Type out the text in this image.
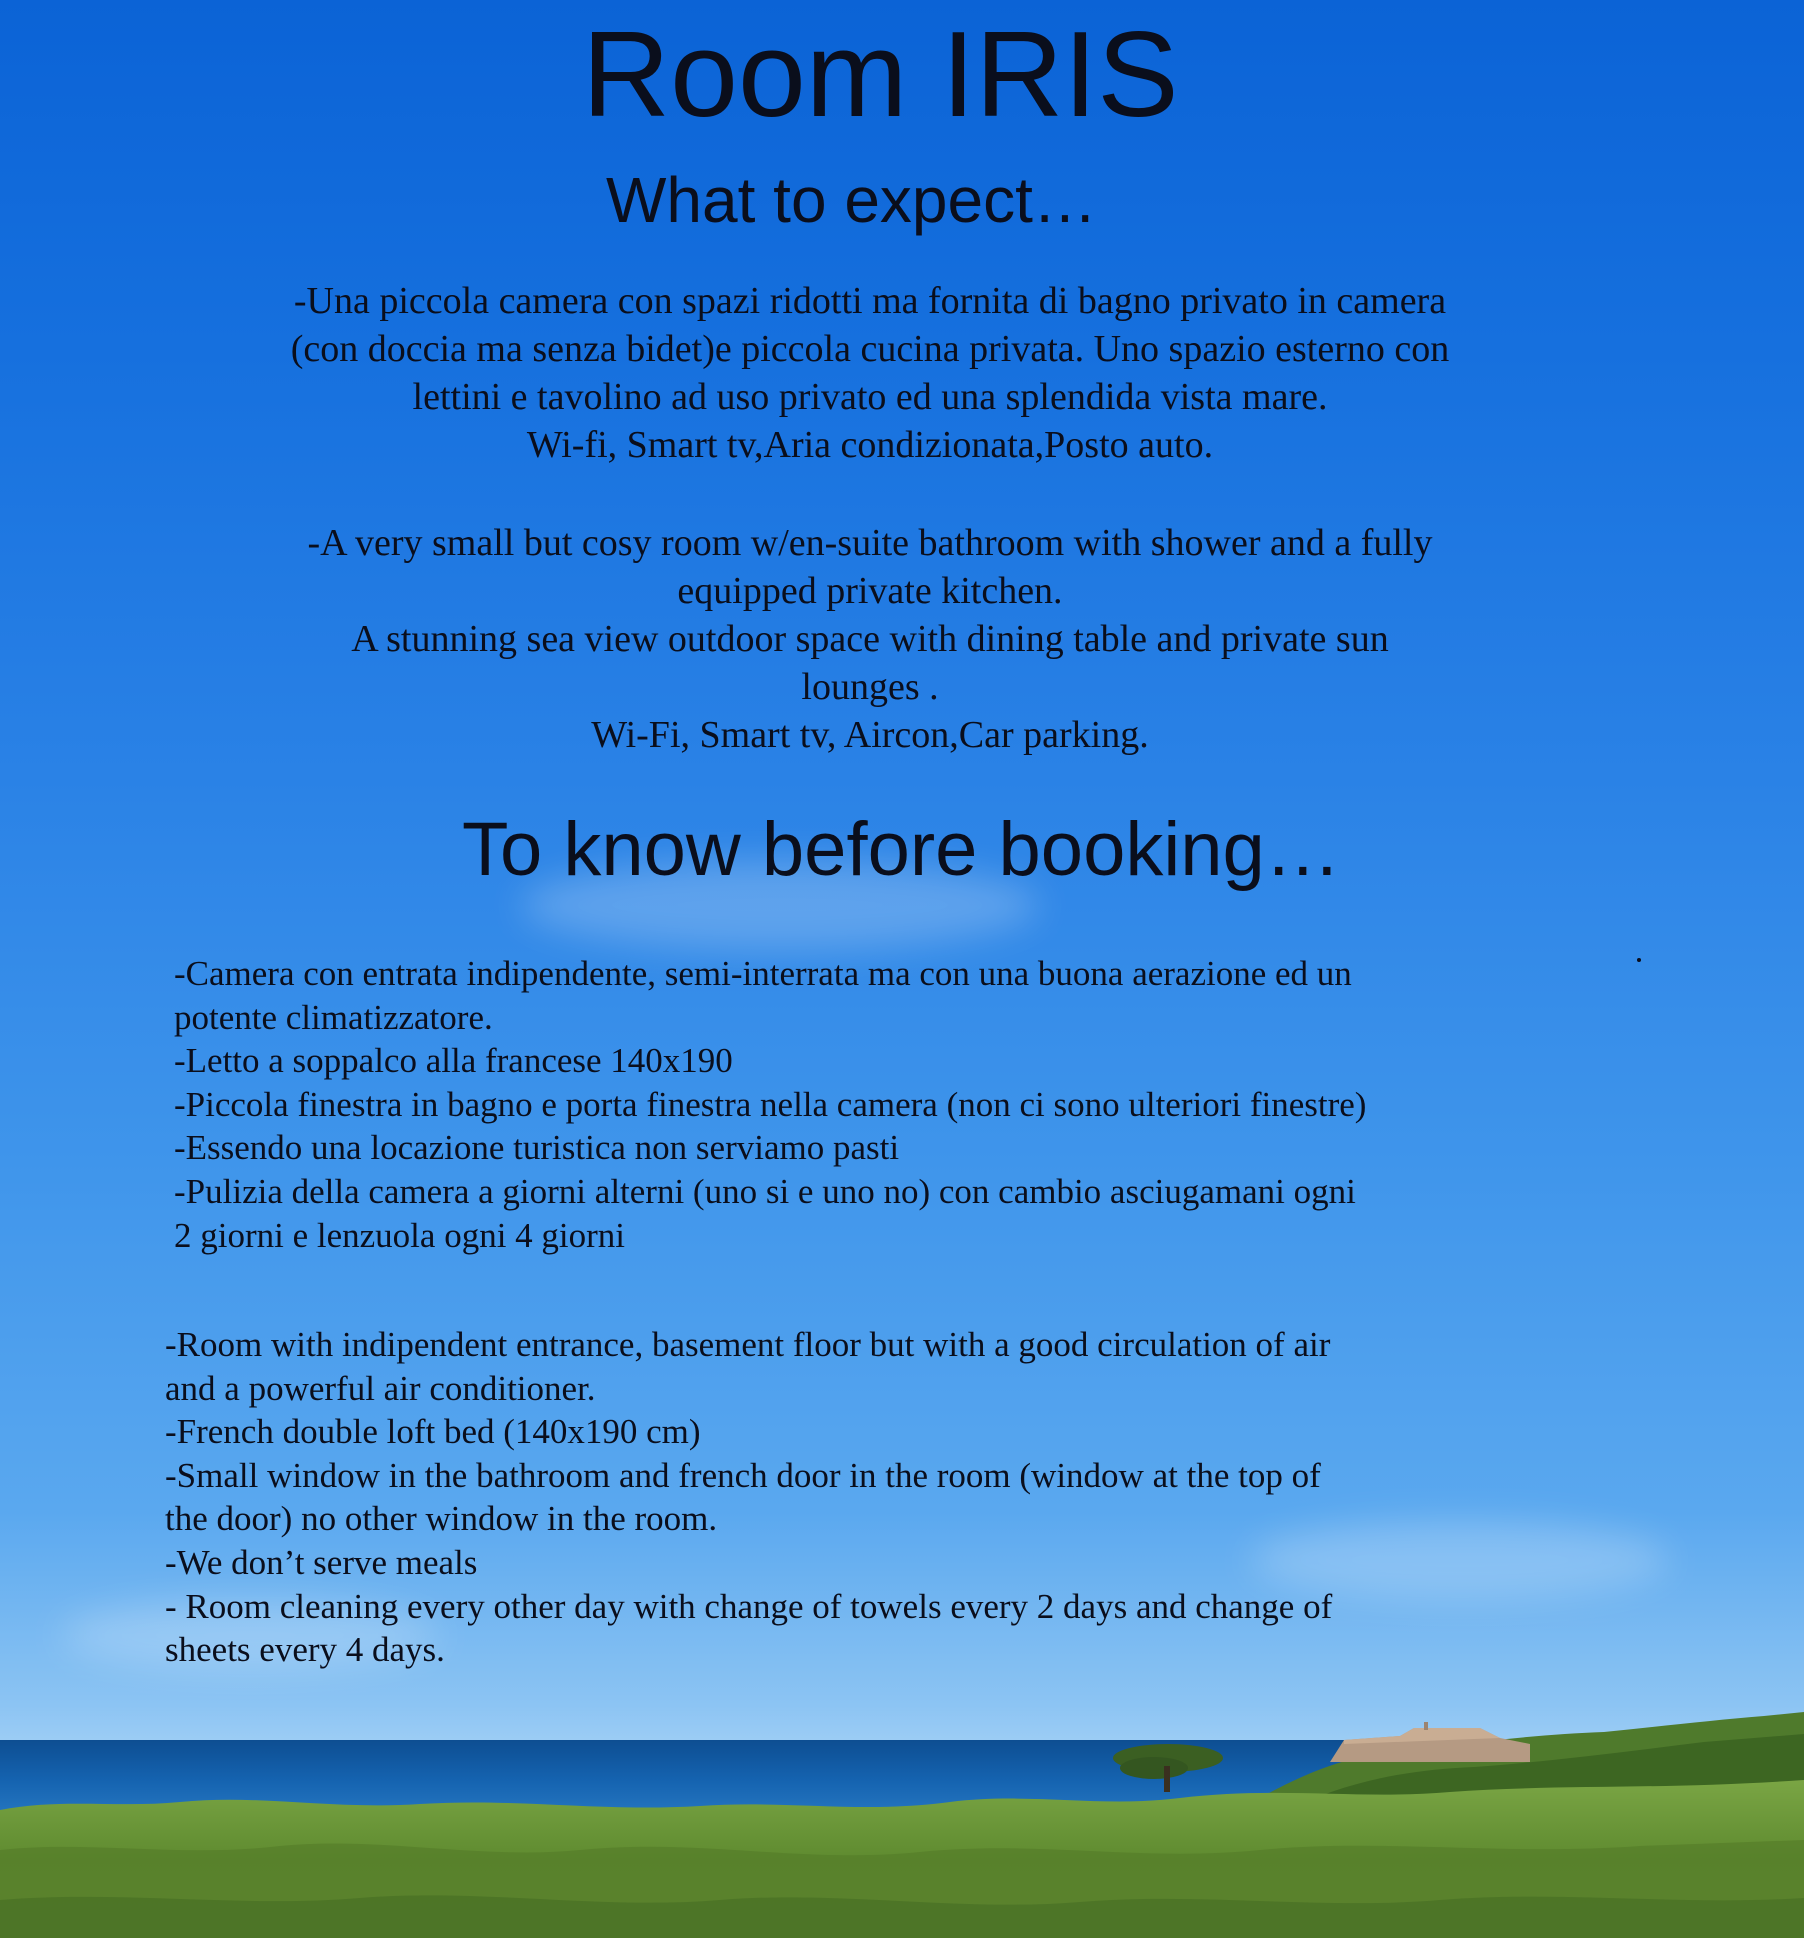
Room IRIS
What to expect…
-Una piccola camera con spazi ridotti ma fornita di bagno privato in camera
(con doccia ma senza bidet)e piccola cucina privata. Uno spazio esterno con
lettini e tavolino ad uso privato ed una splendida vista mare.
Wi-fi, Smart tv,Aria condizionata,Posto auto.
-A very small but cosy room w/en-suite bathroom with shower and a fully
equipped private kitchen.
A stunning sea view outdoor space with dining table and private sun
lounges .
Wi-Fi, Smart tv, Aircon,Car parking.
To know before booking…
-Camera con entrata indipendente, semi-interrata ma con una buona aerazione ed un
potente climatizzatore.
-Letto a soppalco alla francese 140x190
-Piccola finestra in bagno e porta finestra nella camera (non ci sono ulteriori finestre)
-Essendo una locazione turistica non serviamo pasti
-Pulizia della camera a giorni alterni (uno si e uno no) con cambio asciugamani ogni
2 giorni e lenzuola ogni 4 giorni
-Room with indipendent entrance, basement floor but with a good circulation of air
and a powerful air conditioner.
-French double loft bed (140x190 cm)
-Small window in the bathroom and french door in the room (window at the top of
the door) no other window in the room.
-We don’t serve meals
- Room cleaning every other day with change of towels every 2 days and change of
sheets every 4 days.
